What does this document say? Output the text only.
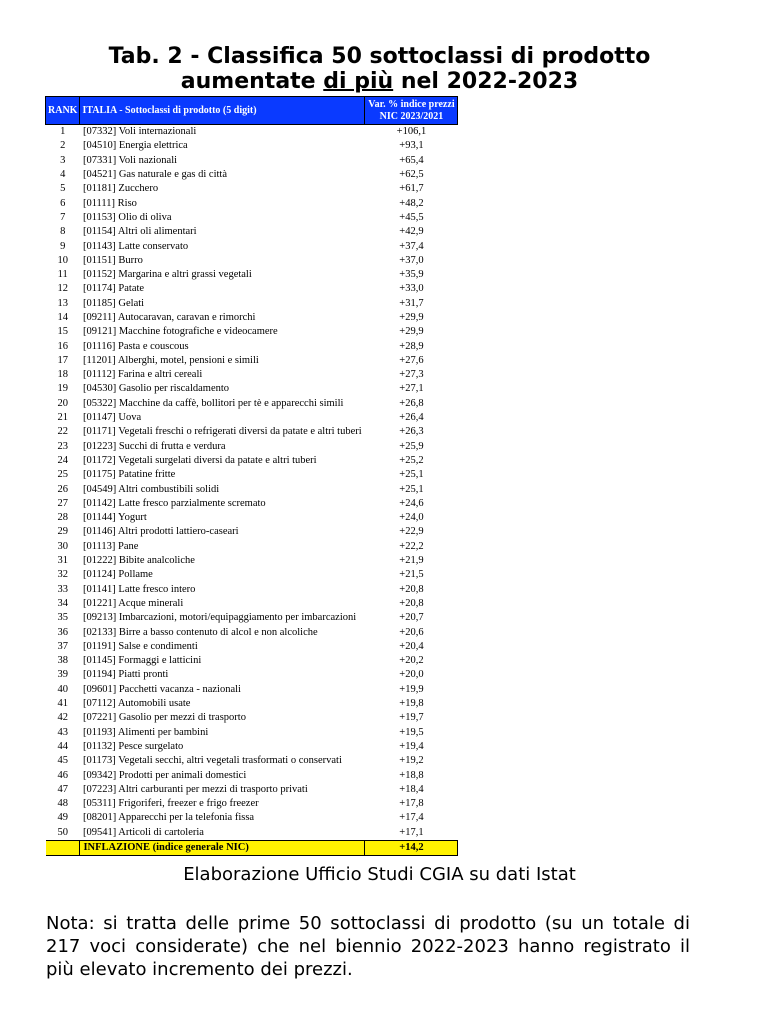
Tab. 2 - Classifica 50 sottoclassi di prodotto
aumentate di più nel 2022-2023
RANK	ITALIA - Sottoclassi di prodotto (5 digit)	Var. % indice prezzi
NIC 2023/2021

1	[07332] Voli internazionali	+106,1
2	[04510] Energia elettrica	+93,1
3	[07331] Voli nazionali	+65,4
4	[04521] Gas naturale e gas di città	+62,5
5	[01181] Zucchero	+61,7
6	[01111] Riso	+48,2
7	[01153] Olio di oliva	+45,5
8	[01154] Altri oli alimentari	+42,9
9	[01143] Latte conservato	+37,4
10	[01151] Burro	+37,0
11	[01152] Margarina e altri grassi vegetali	+35,9
12	[01174] Patate	+33,0
13	[01185] Gelati	+31,7
14	[09211] Autocaravan, caravan e rimorchi	+29,9
15	[09121] Macchine fotografiche e videocamere	+29,9
16	[01116] Pasta e couscous	+28,9
17	[11201] Alberghi, motel, pensioni e simili	+27,6
18	[01112] Farina e altri cereali	+27,3
19	[04530] Gasolio per riscaldamento	+27,1
20	[05322] Macchine da caffè, bollitori per tè e apparecchi simili	+26,8
21	[01147] Uova	+26,4
22	[01171] Vegetali freschi o refrigerati diversi da patate e altri tuberi	+26,3
23	[01223] Succhi di frutta e verdura	+25,9
24	[01172] Vegetali surgelati diversi da patate e altri tuberi	+25,2
25	[01175] Patatine fritte	+25,1
26	[04549] Altri combustibili solidi	+25,1
27	[01142] Latte fresco parzialmente scremato	+24,6
28	[01144] Yogurt	+24,0
29	[01146] Altri prodotti lattiero-caseari	+22,9
30	[01113] Pane	+22,2
31	[01222] Bibite analcoliche	+21,9
32	[01124] Pollame	+21,5
33	[01141] Latte fresco intero	+20,8
34	[01221] Acque minerali	+20,8
35	[09213] Imbarcazioni, motori/equipaggiamento per imbarcazioni	+20,7
36	[02133] Birre a basso contenuto di alcol e non alcoliche	+20,6
37	[01191] Salse e condimenti	+20,4
38	[01145] Formaggi e latticini	+20,2
39	[01194] Piatti pronti	+20,0
40	[09601] Pacchetti vacanza - nazionali	+19,9
41	[07112] Automobili usate	+19,8
42	[07221] Gasolio per mezzi di trasporto	+19,7
43	[01193] Alimenti per bambini	+19,5
44	[01132] Pesce surgelato	+19,4
45	[01173] Vegetali secchi, altri vegetali trasformati o conservati	+19,2
46	[09342] Prodotti per animali domestici	+18,8
47	[07223] Altri carburanti per mezzi di trasporto privati	+18,4
48	[05311] Frigoriferi, freezer e frigo freezer	+17,8
49	[08201] Apparecchi per la telefonia fissa	+17,4
50	[09541] Articoli di cartoleria	+17,1
	INFLAZIONE (indice generale NIC)	+14,2
Elaborazione Ufficio Studi CGIA su dati Istat
Nota: si tratta delle prime 50 sottoclassi di prodotto (su un totale di 217 voci considerate) che nel biennio 2022-2023 hanno registrato il più elevato incremento dei prezzi.
